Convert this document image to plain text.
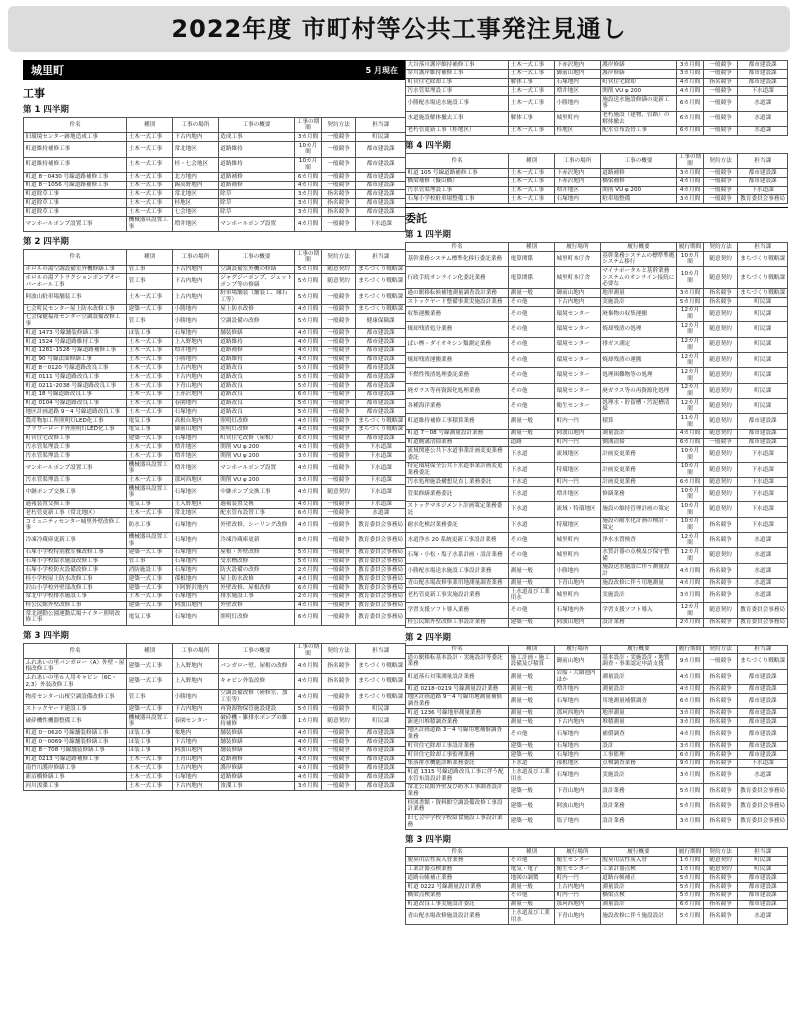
2022年度 市町村等公共工事発注見通し
城里町	5 月現在
工事
第 1 四半期
件名	種別	工事の場所	工事の概要	工事の期間	契約方法	担当課
旧環境センター跡地造成工事	土木一式工事	下古内地内	造成工事	3カ月間	一般競争	町民課
町道維持補修工事	土木一式工事	常北地区	道路維持	10カ月間	一般競争	都市建設課
町道維持補修工事	土木一式工事	桂・七会地区	道路維持	10カ月間	一般競争	都市建設課
町道 8－0430 号線道路補修工事	土木一式工事	北方地内	道路補修	6カ月間	一般競争	都市建設課
町道 8－1056 号線道路補修工事	土木一式工事	錫高野地内	道路補修	4カ月間	一般競争	都市建設課
町道除草工事	土木一式工事	常北地区	除草	3カ月間	指名競争	都市建設課
町道除草工事	土木一式工事	桂地区	除草	3カ月間	指名競争	都市建設課
町道除草工事	土木一式工事	七会地区	除草	3カ月間	指名競争	都市建設課
マンホールポンプ設置工事	機械器具設置工事	増井地区	マンホールポンプ設置	4カ月間	一般競争	下水道課
第 2 四半期
件名	種別	工事の場所	工事の概要	工事の期間	契約方法	担当課
ホロルの湯空調設備室外機修繕工事	管工事	下古内地内	空調設備室外機の修繕	5カ月間	随意契約	まちづくり戦略課
ホロルの湯アトラクションポンプオーバーホール工事	管工事	下古内地内	ジャグジーポンプ、ジェットポンプ等の修繕	5カ月間	随意契約	まちづくり戦略課
阿波山駐車場舗装工事	土木一式工事	上古内地内	駐車場舗装（舗装工、縁石工等）	5カ月間	一般競争	まちづくり戦略課
七会町民センター屋上防水改修工事	建築一式工事	小勝地内	屋上防水改修	4カ月間	一般競争	まちづくり戦略課
七会保健福祉センター空調設備改修工事	管工事	小勝地内	空調設備の改修	5カ月間	一般競争	健康保険課
町道 1473 号線舗装修繕工事	ほ装工事	石塚地内	舗装修繕	4カ月間	一般競争	都市建設課
町道 1524 号線道路維持工事	土木一式工事	上入野地内	道路維持	4カ月間	一般競争	都市建設課
町道 1281･1528 号線道路補修工事	土木一式工事	増井地内	道路補修	4カ月間	一般競争	都市建設課
町道 90 号線法面修繕工事	土木一式工事	小勝地内	道路維持	4カ月間	一般競争	都市建設課
町道 8－0120 号線道路改良工事	土木一式工事	上古内地内	道路改良	5カ月間	一般競争	都市建設課
町道 0111 号線道路改良工事	土木一式工事	下古内地内	道路改良	5カ月間	一般競争	都市建設課
町道 0211･2038 号線道路改良工事	土木一式工事	下青山地内	道路改良	5カ月間	一般競争	都市建設課
町道 18 号線道路改良工事	土木一式工事	上赤沢地内	道路改良	6カ月間	一般競争	都市建設課
町道 0104 号線道路改良工事	土木一式工事	春園地内	道路改良	5カ月間	一般競争	都市建設課
地区計画道路 9－4 号線道路改良工事	土木一式工事	石塚地内	道路改良	5カ月間	一般競争	都市建設課
農産物加工所照明灯LED化工事	電気工事	高根台地内	照明灯改修	4カ月間	一般競争	まちづくり戦略課
フラワーロード外照明灯LED化工事	電気工事	御前山地内	照明灯改修	4カ月間	一般競争	まちづくり戦略課
町営住宅改修工事	建築一式工事	石塚地内	町営住宅改修（屋根）	6カ月間	一般競争	都市建設課
汚水管渠埋設工事	土木一式工事	増井地区	開削 VU φ 200	4カ月間	一般競争	下水道課
汚水管渠埋設工事	土木一式工事	増井地区	開削 VU φ 200	3カ月間	一般競争	下水道課
マンホールポンプ設置工事	機械器具設置工事	増井地区	マンホールポンプ設置	4カ月間	一般競争	下水道課
汚水管渠埋設工事	土木一式工事	那珂西地区	開削 VU φ 200	3カ月間	一般競争	下水道課
中継ポンプ交換工事	機械器具設置工事	石塚地区	中継ポンプ交換工事	4カ月間	随意契約	下水道課
過報装置交換工事	電気工事	上入野地区	過報装置交換	4カ月間	一般競争	下水道課
老朽管更新工事（常北地区）	土木一式工事	常北地区	配水管布設替工事	6カ月間	一般競争	水道課
コミュニティセンター城里外壁改修工事	防水工事	石塚地内	外壁改修、シーリング改修	4カ月間	一般競争	教育委員会事務局
冷凍冷蔵庫更新工事	機械器具設置工事	石塚地内	冷凍冷蔵庫更新	8カ月間	一般競争	教育委員会事務局
石塚小学校特別教室棟改修工事	建築一式工事	石塚地内	屋根・外壁改修	5カ月間	一般競争	教育委員会事務局
石塚小学校給水施設改修工事	管工事	石塚地内	受水槽改修	5カ月間	一般競争	教育委員会事務局
石塚小学校防火設備改修工事	消防施設工事	石塚地内	防火設備の改修	2カ月間	一般競争	教育委員会事務局
桂小学校屋上防水改修工事	建築一式工事	孫根地内	屋上防水改修	4カ月間	一般競争	教育委員会事務局
沢山小学校外壁部改修工事	建築一式工事	下阿野沢地内	外壁改修、屋根改修	6カ月間	一般競争	教育委員会事務局
常北中学校排水施設工事	土木一式工事	石塚地内	排水施設工事	2カ月間	一般競争	教育委員会事務局
桂公民館外壁改修工事	建築一式工事	阿波山地内	外壁改修	4カ月間	一般競争	教育委員会事務局
常北運動公園運動広場ナイター照明改修工事	電気工事	石塚地内	照明灯改修	6カ月間	一般競争	教育委員会事務局
第 3 四半期
件名	種別	工事の場所	工事の概要	工事の期間	契約方法	担当課
ふれあいの里バンガロー（A）外壁・屋根改修工事	建築一式工事	上入野地内	バンガロー壁、屋根の改修	4カ月間	指名競争	まちづくり戦略課
ふれあいの里６人用キャビン（6C・2,3）外装改修工事	建築一式工事	上入野地内	キャビン外装改修	4カ月間	指名競争	まちづくり戦略課
物産センター山桜空調設備改修工事	管工事	小勝地内	空調設備改修（研修室、加工室等）	4カ月間	一般競争	まちづくり戦略課
ストックヤード建設工事	建築一式工事	下古内地内	再資源物保管施設建設	5カ月間	一般競争	町民課
破砕機性機器整備工事	機械器具設置工事	春園センター	破砕機・雑排水ポンプの維持補修	1カ月間	随意契約	町民課
町道 0－0620 号線舗装修繕工事	ほ装工事	栗地内	舗装修繕	4カ月間	一般競争	都市建設課
町道 0－0069 号線舗装修繕工事	ほ装工事	下古地内	舗装修繕	4カ月間	一般競争	都市建設課
町道 8－708 号線舗装修繕工事	ほ装工事	阿波山地内	舗装修繕	4カ月間	一般競争	都市建設課
町道 0213 号線道路補修工事	土木一式工事	上青山地内	道路補修	4カ月間	一般競争	都市建設課
南竹川護岸修繕工事	土木一式工事	上古内地内	護岸修繕	4カ月間	一般競争	都市建設課
新沼橋修繕工事	土木一式工事	石塚地内	道路修繕	4カ月間	一般競争	都市建設課
河川浚渫工事	土木一式工事	下古内地内	浚渫工事	3カ月間	一般競争	都市建設課
大谷落川護岸維持補修工事	土木一式工事	下赤沢地内	護岸修繕	3カ月間	一般競争	都市建設課
穿川護岸維持補修工事	土木一式工事	御前山地内	護岸修繕	3カ月間	一般競争	都市建設課
町営住宅除却工事	解体工事	石塚地内	町営住宅除却	4カ月間	指名競争	都市建設課
汚水管渠埋設工事	土木一式工事	増井地区	開削 VU φ 200	4カ月間	一般競争	下水道課
小勝配水場送水施設工事	土木一式工事	小勝地内	施設送水施設修繕の更新工事	6カ月間	一般競争	水道課
水道施設解体撤去工事	解体工事	城里町内	老朽施設（建物、管路）の解体撤去	6カ月間	一般競争	水道課
老朽管更新工事（桂地区）	土木一式工事	桂地区	配水管布設替工事	6カ月間	一般競争	水道課
第 4 四半期
件名	種別	工事の場所	工事の概要	工事の期間	契約方法	担当課
町道 105 号線道路補修工事	土木一式工事	下赤沢地内	道路補修	3カ月間	一般競争	都市建設課
橋梁補修（擬山橋）	土木一式工事	下赤沢地内	橋梁補修	4カ月間	一般競争	都市建設課
汚水管渠埋設工事	土木一式工事	増井地区	開削 VU φ 200	4カ月間	一般競争	下水道課
石塚小学校駐車場整備工事	土木一式工事	石塚地内	駐車場整備	3カ月間	一般競争	教育委員会事務局
委託
第 1 四半期
件名	種別	履行場所	履行概要	履行期間	契約方法	担当課
基幹業務システム標準化移行委託業務	電算関係	城里町本庁舎	基幹業務システムの標準準拠システム移行	10カ月間	随意契約	まちづくり戦略課
行政手続オンライン化委託業務	電算関係	城里町本庁舎	マイナポータルと基幹業務システムのオンライン接続に必要な	10カ月間	随意契約	まちづくり戦略課
過の駅移転候補地測量調査設計業務	測量一般	御前山地内	地形測量	3カ月間	指名競争	まちづくり戦略課
ストックヤード整備事業実施設計業務	その他	下古内地内	実施設計	5カ月間	指名競争	町民課
収集運搬業務	その他	環境センター	廃棄物の収集運搬	12カ月間	随意契約	町民課
焼却残渣処分業務	その他	環境センター	焼却残渣の処理	12カ月間	随意契約	町民課
ばい煙・ダイオキシン類測定業務	その他	環境センター	排ガス測定	12カ月間	随意契約	町民課
焼却残渣運搬業務	その他	環境センター	焼却残渣の運搬	12カ月間	随意契約	町民課
不燃性残渣処理委託業務	その他	環境センター	処理困難物等の処理	12カ月間	随意契約	町民課
廃ガラス等再資源化処理業務	その他	環境センター	廃ガラス等の再資源化処理	12カ月間	随意契約	町民課
各種海洋業務	その他	衛生センター	処理水・貯留槽・汚泥槽清掃	12カ月間	随意契約	町民課
町道維持補修工事積算業務	測量一般	町内一円	積算	11カ月間	随意契約	都市建設課
町道 7－08 号線測量設計業務	測量一般	阿波山地内	測量設計	4カ月間	随意契約	都市建設課
町道側溝清掃業務	道路	町内一円	側溝清掃	6カ月間	一般競争	都市建設課
流域関連公共下水道事業計画変更業務委託	下水道	流域地区	計画変更業務	10カ月間	随意契約	下水道課
特定環境保全公共下水道事業計画変更業務委託	下水道	特環地区	計画変更業務	10カ月間	随意契約	下水道課
汚水処理施設構想見直し業務委託	下水道	町内一円	計画変更業務	6カ月間	随意契約	下水道課
管渠修繕業務委託	下水道	増井地区	修繕業務	10カ月間	随意契約	下水道課
ストックマネジメント計画策定業務委託	下水道	流域・特環地区	施設の維持管理計画の策定	10カ月間	随意契約	下水道課
耐水化検討業務委託	下水道	特環地区	施設の耐水化計画の検討・策定	10カ月間	指名競争	下水道課
水道浄水 20 系統更新工事設計業務	その他	城里町内	浄水水質検査	12カ月間	指名競争	水道課
石塚・小松・塩子水系計画・設計業務	その他	城里町内	水質計器の点検及び保守整備	12カ月間	随意契約	水道課
小勝配水場送水施設工事設計業務	測量一般	小勝地内	施設送水施設に伴う測量設計	4カ月間	指名競争	水道課
青山配水場改修事業用地測量調査業務	測量一般	下青山地内	施設改修に伴う用地測量	4カ月間	指名競争	水道課
老朽管更新工事実施設計業務	上水道及び工業用水	城里町内	実施設計	3カ月間	指名競争	水道課
学習支援ソフト導入業務	その他	石塚地内外	学習支援ソフト導入	12カ月間	随意契約	教育委員会事務局
桂公民館外壁改修工事設計業務	建築一般	阿波山地内	設計業務	2カ月間	指名競争	教育委員会事務局
第 2 四半期
件名	種別	履行場所	履行概要	履行期間	契約方法	担当課
道の駅移転基本設計・実施設計等委託業務	施工計画・施工設備及び積算	御前山地内	基本設計・実施設計・地質調査・事業認定申請支援	9カ月間	一般競争	まちづくり戦略課
町道落石対策測量設計業務	測量一般	岩船・大網池内ほか	測量設計	4カ月間	指名競争	都市建設課
町道 0218･0219 号線測量設計業務	測量一般	増井地内	測量設計	4カ月間	指名競争	都市建設課
地区計画道路 9－4 号線用地測量補償調査業務	測量一般	石塚地内	用地測量補償調査	6カ月間	指名競争	都市建設課
町道 1236 号線地形測量業務	測量一般	那珂西地内	地形測量	3カ月間	指名競争	都市建設課
新池川堆積調査業務	測量一般	下古内地内	堆積測量	3カ月間	指名競争	都市建設課
地区計画道路 3－4 号線用地補償調査業務	その他	石塚地内	補償調査	4カ月間	指名競争	都市建設課
町営住宅除却工事設計業務	建築一般	石塚地内	設計	3カ月間	指名競争	都市建設課
町営住宅除却工事監理業務	建築一般	石塚地内	工事監理	6カ月間	指名競争	都市建設課
集落排水機能診断業務委託	下水道	孫根地区	点検調査業務	9カ月間	指名競争	下水道課
町道 1315 号線道路改良工事に伴う配水管布設設計業務	上水道及び工業用水	石塚地内	実施設計	3カ月間	指名競争	水道課
常北公民館外壁及び防水工事調査設計業務	建築一般	下青山地内	設計業務	5カ月間	指名競争	教育委員会事務局
桂図書館・資料館空調設備改修工事設計業務	建築一般	阿波山地内	設計業務	5カ月間	指名競争	教育委員会事務局
旧七会中学校学校給食施設工事設計業務	建築一般	塩子地内	設計業務	3カ月間	指名競争	教育委員会事務局
第 3 四半期
件名	種別	履行場所	履行概要	履行期間	契約方法	担当課
脱臭用活性炭入替業務	その他	衛生センター	脱臭用活性炭入替	1カ月間	随意契約	町民課
工業計器点検業務	電気・電子	衛生センター	工業計器点検	1カ月間	随意契約	町民課
道路台帳補正業務	地図の調製	町内一円	道路台帳補正	5カ月間	指名競争	都市建設課
町道 0222 号線測量設計業務	測量一般	上古内地内	測量設計	5カ月間	指名競争	都市建設課
橋梁点検業務	その他	町内一円	橋梁点検	5カ月間	指名競争	都市建設課
町道改良工事実施設計委託	測量一般	那珂西地内	測量設計	6カ月間	指名競争	都市建設課
青山配水場改修施設設計業務	上水道及び工業用水	下青山地内	施設改修に伴う施設設計	5カ月間	指名競争	水道課
